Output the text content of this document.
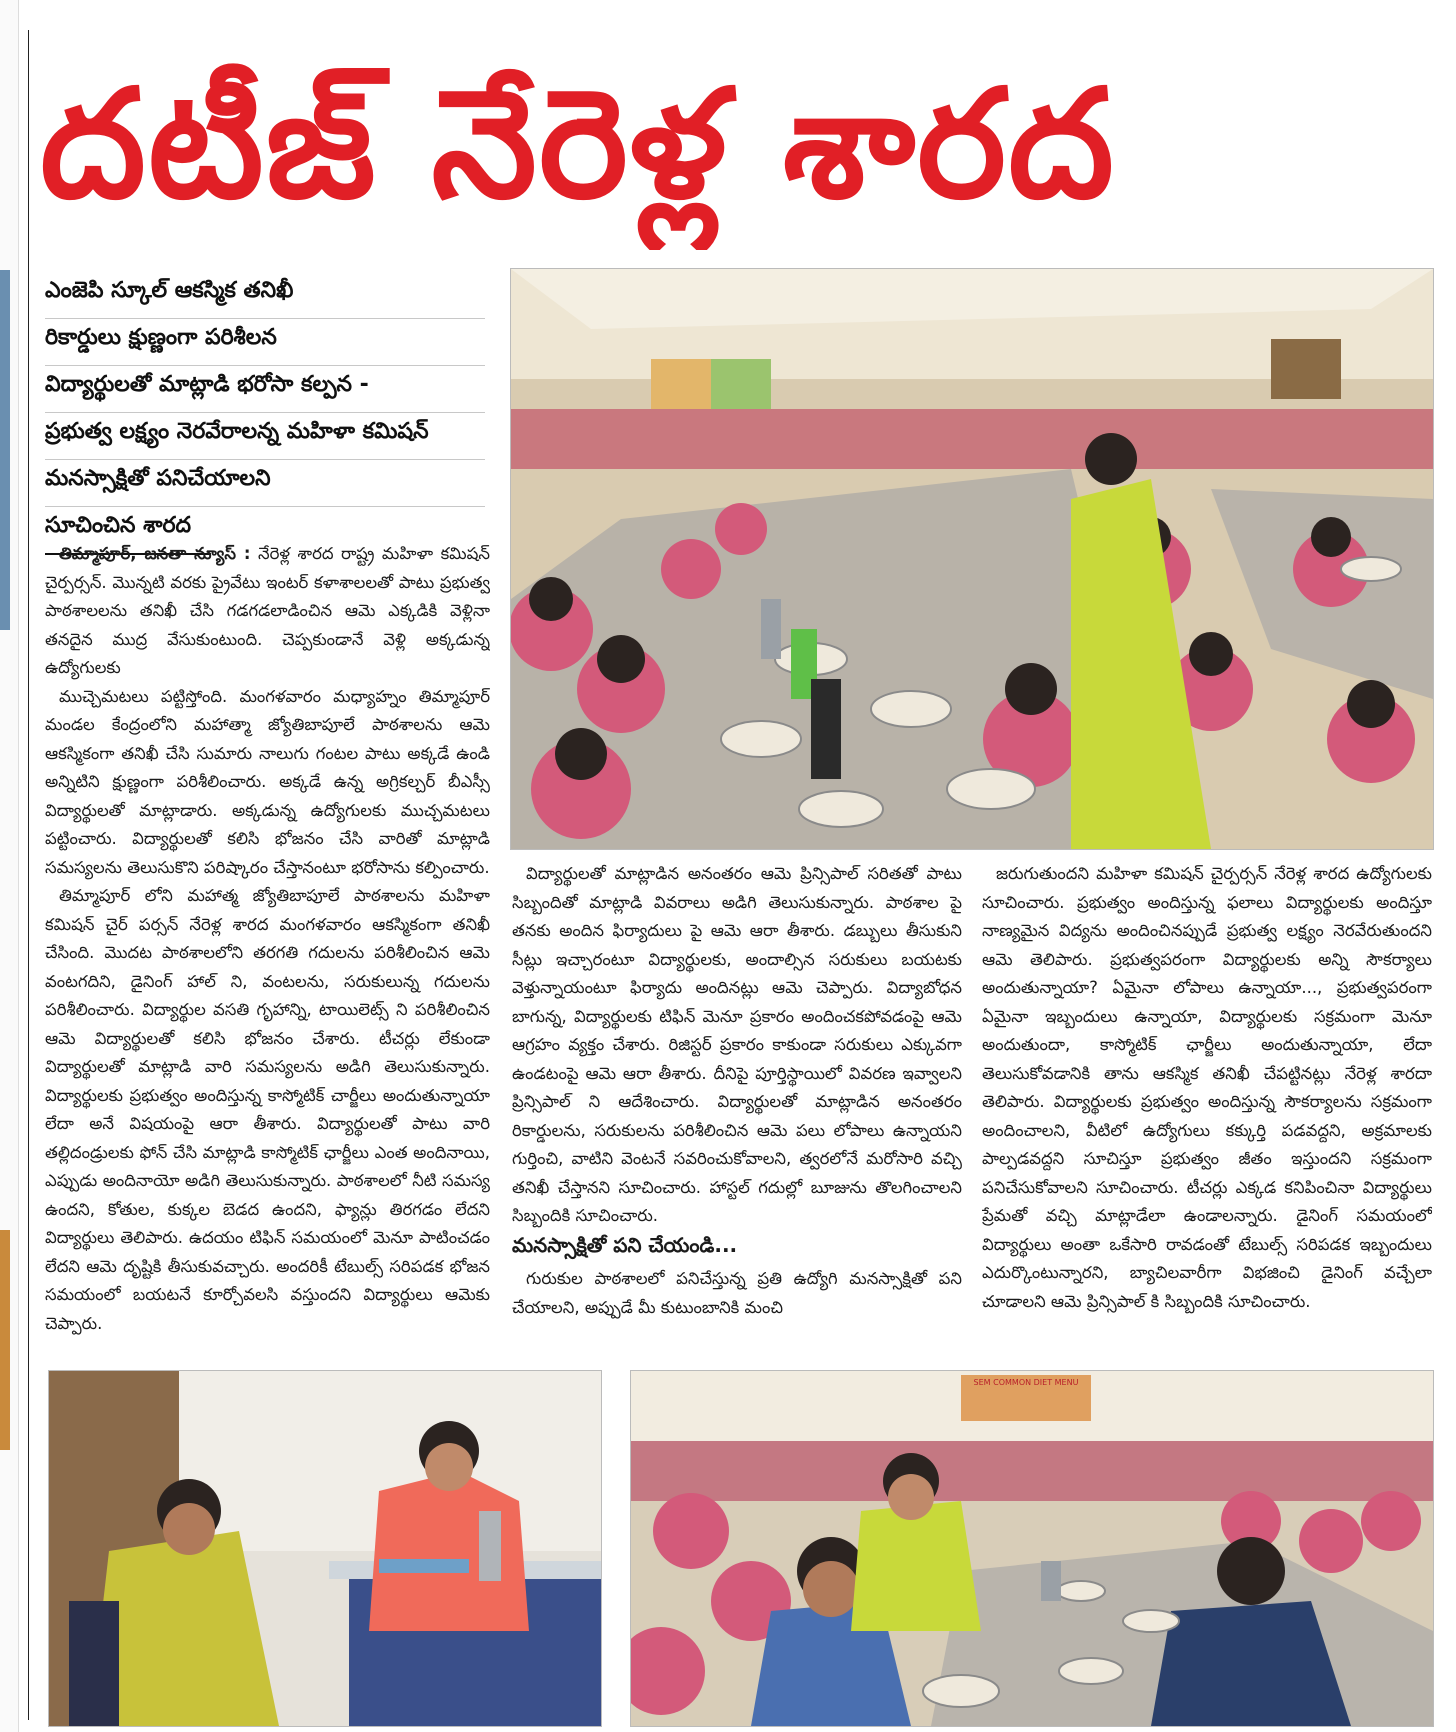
దటీజ్ నేరెళ్ల శారద
ఎంజెపి స్కూల్ ఆకస్మిక తనిఖీ
రికార్డులు క్షుణ్ణంగా పరిశీలన
విద్యార్థులతో మాట్లాడి భరోసా కల్పన -
ప్రభుత్వ లక్ష్యం నెరవేరాలన్న మహిళా కమిషన్
మనస్సాక్షితో పనిచేయాలని
సూచించిన శారద

తిమ్మాపూర్, జనతా న్యూస్ : నేరెళ్ల శారద రాష్ట్ర మహిళా కమిషన్ చైర్పర్సన్. మొన్నటి వరకు ప్రైవేటు ఇంటర్ కళాశాలలతో పాటు ప్రభుత్వ పాఠశాలలను తనిఖీ చేసి గడగడలాడించిన ఆమె ఎక్కడికి వెళ్లినా తనదైన ముద్ర వేసుకుంటుంది. చెప్పకుండానే వెళ్లి అక్కడున్న ఉద్యోగులకు

ముచ్చెమటలు పట్టిస్తోంది. మంగళవారం మధ్యాహ్నం తిమ్మాపూర్ మండల కేంద్రంలోని మహాత్మా జ్యోతిబాపూలే పాఠశాలను ఆమె ఆకస్మికంగా తనిఖీ చేసి సుమారు నాలుగు గంటల పాటు అక్కడే ఉండి అన్నిటిని క్షుణ్ణంగా పరిశీలించారు. అక్కడే ఉన్న అగ్రికల్చర్ బీఎస్సీ విద్యార్థులతో మాట్లాడారు. అక్కడున్న ఉద్యోగులకు ముచ్చమటలు పట్టించారు. విద్యార్థులతో కలిసి భోజనం చేసి వారితో మాట్లాడి సమస్యలను తెలుసుకొని పరిష్కారం చేస్తానంటూ భరోసాను కల్పించారు.

తిమ్మాపూర్ లోని మహాత్మ జ్యోతిబాపూలే పాఠశాలను మహిళా కమిషన్ చైర్ పర్సన్ నేరెళ్ల శారద మంగళవారం ఆకస్మికంగా తనిఖీ చేసింది. మొదట పాఠశాలలోని తరగతి గదులను పరిశీలించిన ఆమె వంటగదిని, డైనింగ్ హాల్ ని, వంటలను, సరుకులున్న గదులను పరిశీలించారు. విద్యార్థుల వసతి గృహాన్ని, టాయిలెట్స్ ని పరిశీలించిన ఆమె విద్యార్థులతో కలిసి భోజనం చేశారు. టీచర్లు లేకుండా విద్యార్థులతో మాట్లాడి వారి సమస్యలను అడిగి తెలుసుకున్నారు. విద్యార్థులకు ప్రభుత్వం అందిస్తున్న కాస్మోటిక్ చార్జీలు అందుతున్నాయా లేదా అనే విషయంపై ఆరా తీశారు. విద్యార్థులతో పాటు వారి తల్లిదండ్రులకు ఫోన్ చేసి మాట్లాడి కాస్మోటిక్ ఛార్జీలు ఎంత అందినాయి, ఎప్పుడు అందినాయో అడిగి తెలుసుకున్నారు. పాఠశాలలో నీటి సమస్య ఉందని, కోతుల, కుక్కల బెడద ఉందని, ఫ్యాన్లు తిరగడం లేదని విద్యార్థులు తెలిపారు. ఉదయం టిఫిన్ సమయంలో మెనూ పాటించడం లేదని ఆమె దృష్టికి తీసుకువచ్చారు. అందరికీ టేబుల్స్ సరిపడక భోజన సమయంలో బయటనే కూర్చోవలసి వస్తుందని విద్యార్థులు ఆమెకు చెప్పారు.

విద్యార్థులతో మాట్లాడిన అనంతరం ఆమె ప్రిన్సిపాల్ సరితతో పాటు సిబ్బందితో మాట్లాడి వివరాలు అడిగి తెలుసుకున్నారు. పాఠశాల పై తనకు అందిన ఫిర్యాదులు పై ఆమె ఆరా తీశారు. డబ్బులు తీసుకుని సీట్లు ఇచ్చారంటూ విద్యార్థులకు, అందాల్సిన సరుకులు బయటకు వెళ్తున్నాయంటూ ఫిర్యాదు అందినట్లు ఆమె చెప్పారు. విద్యాబోధన బాగున్న, విద్యార్థులకు టిఫిన్ మెనూ ప్రకారం అందించకపోవడంపై ఆమె ఆగ్రహం వ్యక్తం చేశారు. రిజిస్టర్ ప్రకారం కాకుండా సరుకులు ఎక్కువగా ఉండటంపై ఆమె ఆరా తీశారు. దీనిపై పూర్తిస్థాయిలో వివరణ ఇవ్వాలని ప్రిన్సిపాల్ ని ఆదేశించారు. విద్యార్థులతో మాట్లాడిన అనంతరం రికార్డులను, సరుకులను పరిశీలించిన ఆమె పలు లోపాలు ఉన్నాయని గుర్తించి, వాటిని వెంటనే సవరించుకోవాలని, త్వరలోనే మరోసారి వచ్చి తనిఖీ చేస్తానని సూచించారు. హాస్టల్ గదుల్లో బూజును తొలగించాలని సిబ్బందికి సూచించారు.

మనస్సాక్షితో పని చేయండి...

గురుకుల పాఠశాలలో పనిచేస్తున్న ప్రతి ఉద్యోగి మనస్సాక్షితో పని చేయాలని, అప్పుడే మీ కుటుంబానికి మంచి

జరుగుతుందని మహిళా కమిషన్ చైర్పర్సన్ నేరెళ్ల శారద ఉద్యోగులకు సూచించారు. ప్రభుత్వం అందిస్తున్న ఫలాలు విద్యార్థులకు అందిస్తూ నాణ్యమైన విద్యను అందించినప్పుడే ప్రభుత్వ లక్ష్యం నెరవేరుతుందని ఆమె తెలిపారు. ప్రభుత్వపరంగా విద్యార్థులకు అన్ని సౌకర్యాలు అందుతున్నాయా? ఏమైనా లోపాలు ఉన్నాయా..., ప్రభుత్వపరంగా ఏమైనా ఇబ్బందులు ఉన్నాయా, విద్యార్థులకు సక్రమంగా మెనూ అందుతుందా, కాస్మోటిక్ ఛార్జీలు అందుతున్నాయా, లేదా తెలుసుకోవడానికి తాను ఆకస్మిక తనిఖీ చేపట్టినట్లు నేరెళ్ల శారదా తెలిపారు. విద్యార్థులకు ప్రభుత్వం అందిస్తున్న సౌకర్యాలను సక్రమంగా అందించాలని, వీటిలో ఉద్యోగులు కక్కుర్తి పడవద్దని, అక్రమాలకు పాల్పడవద్దని సూచిస్తూ ప్రభుత్వం జీతం ఇస్తుందని సక్రమంగా పనిచేసుకోవాలని సూచించారు. టీచర్లు ఎక్కడ కనిపించినా విద్యార్థులు ప్రేమతో వచ్చి మాట్లాడేలా ఉండాలన్నారు. డైనింగ్ సమయంలో విద్యార్థులు అంతా ఒకేసారి రావడంతో టేబుల్స్ సరిపడక ఇబ్బందులు ఎదుర్కొంటున్నారని, బ్యాచిలవారీగా విభజించి డైనింగ్ వచ్చేలా చూడాలని ఆమె ప్రిన్సిపాల్ కి సిబ్బందికి సూచించారు.

SEM COMMON DIET MENU
